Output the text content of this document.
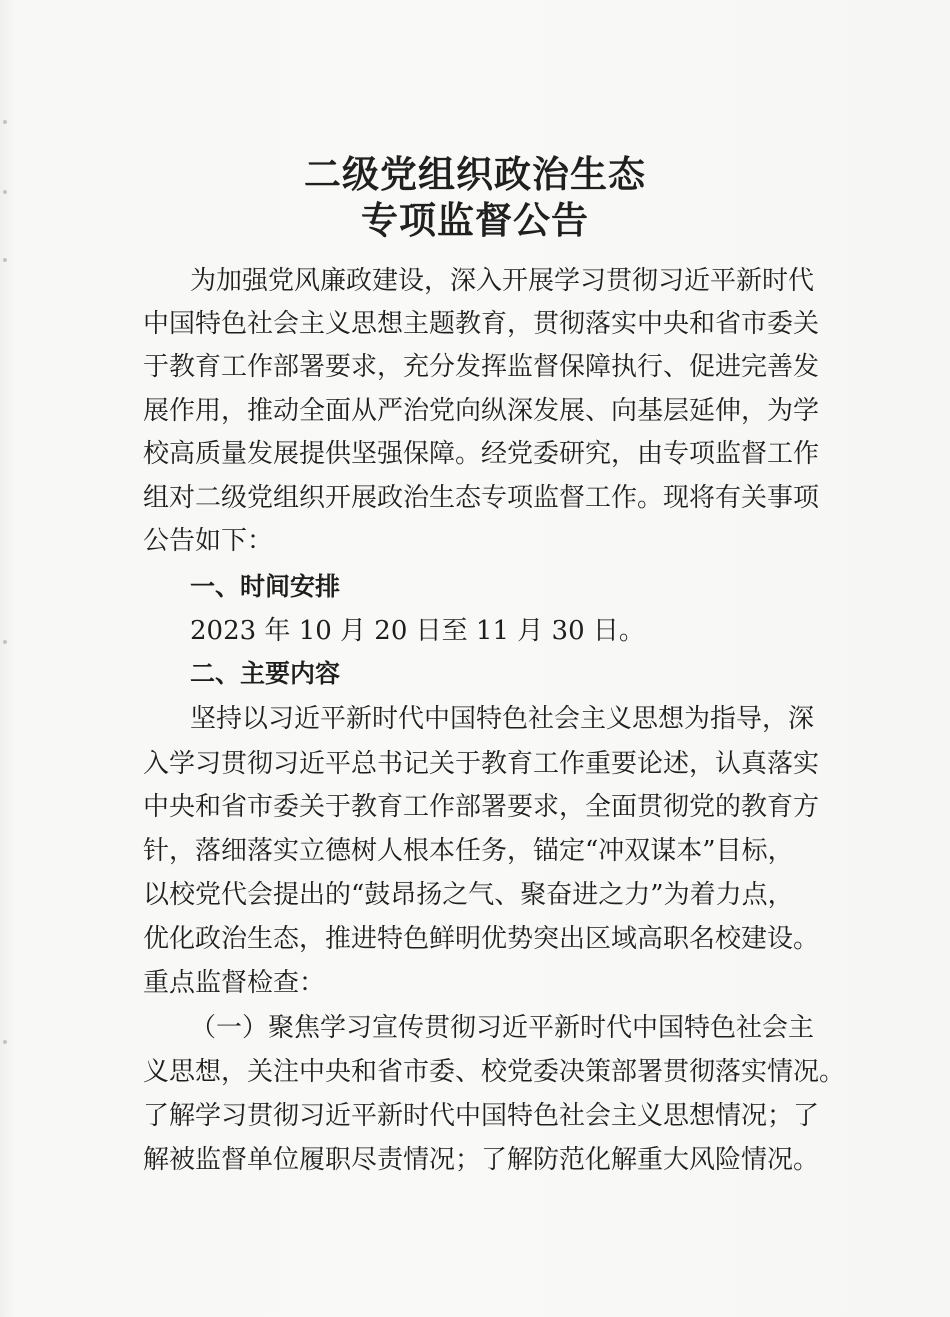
二级党组织政治生态
专项监督公告
为加强党风廉政建设，深入开展学习贯彻习近平新时代
中国特色社会主义思想主题教育，贯彻落实中央和省市委关
于教育工作部署要求，充分发挥监督保障执行、促进完善发
展作用，推动全面从严治党向纵深发展、向基层延伸，为学
校高质量发展提供坚强保障。经党委研究，由专项监督工作
组对二级党组织开展政治生态专项监督工作。现将有关事项
公告如下：
一、时间安排
2023 年 10 月 20 日至 11 月 30 日。
二、主要内容
坚持以习近平新时代中国特色社会主义思想为指导，深
入学习贯彻习近平总书记关于教育工作重要论述，认真落实
中央和省市委关于教育工作部署要求，全面贯彻党的教育方
针，落细落实立德树人根本任务，锚定“冲双谋本”目标，
以校党代会提出的“鼓昂扬之气、聚奋进之力”为着力点，
优化政治生态，推进特色鲜明优势突出区域高职名校建设。
重点监督检查：
（一）聚焦学习宣传贯彻习近平新时代中国特色社会主
义思想，关注中央和省市委、校党委决策部署贯彻落实情况。
了解学习贯彻习近平新时代中国特色社会主义思想情况；了
解被监督单位履职尽责情况；了解防范化解重大风险情况。
